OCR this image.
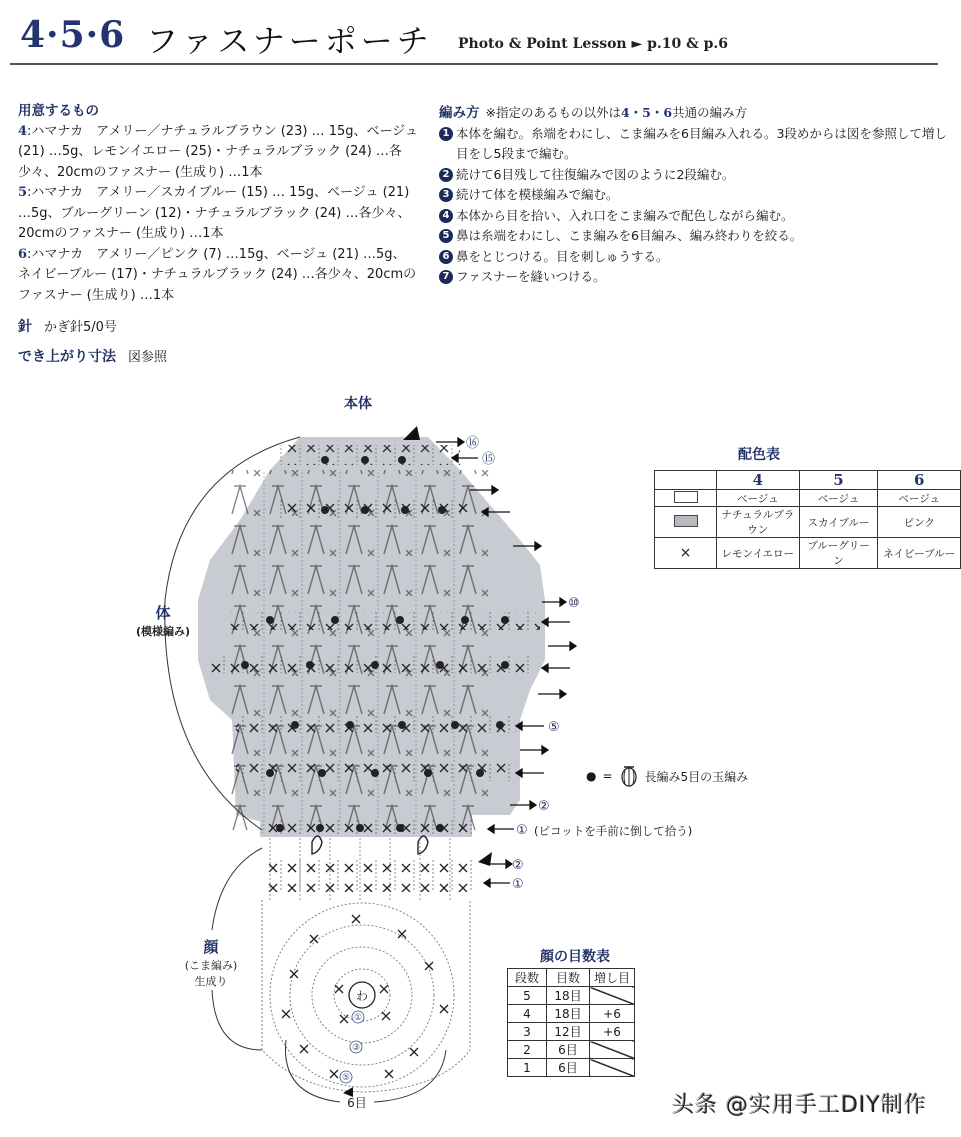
4·5·6 ファスナーポーチ Photo & Point Lesson ► p.10 & p.6
用意するもの

4:ハマナカ　アメリー／ナチュラルブラウン (23) … 15g、ベージュ (21) …5g、レモンイエロー (25)・ナチュラルブラック (24) …各少々、20cmのファスナー (生成り) …1本

5:ハマナカ　アメリー／スカイブルー (15) … 15g、ベージュ (21) …5g、ブルーグリーン (12)・ナチュラルブラック (24) …各少々、20cmのファスナー (生成り) …1本

6:ハマナカ　アメリー／ピンク (7) …15g、ベージュ (21) …5g、ネイビーブルー (17)・ナチュラルブラック (24) …各少々、20cmのファスナー (生成り) …1本

針 かぎ針5/0号
でき上がり寸法 図参照
編み方 ※指定のあるもの以外は4・5・6共通の編み方
1 本体を編む。糸端をわにし、こま編みを6目編み入れる。3段めからは図を参照して増し目をし5段まで編む。
2 続けて6目残して往復編みで図のように2段編む。
3 続けて体を模様編みで編む。
4 本体から目を拾い、入れ口をこま編みで配色しながら編む。
5 鼻は糸端をわにし、こま編みを6目編み、編み終わりを絞る。
6 鼻をとじつける。目を刺しゅうする。
7 ファスナーを縫いつける。
本体
わ
①
③
⑤
6目
⑯
⑮
⑩
⑤
②
①
②
①
(ピコットを手前に倒して拾う)
体
(模様編み)
顔
(こま編み)
生成り
● =	長編み5目の玉編み
配色表
	4	5	6
	ベージュ	ベージュ	ベージュ
	ナチュラルブラウン	スカイブルー	ピンク
×	レモンイエロー	ブルーグリーン	ネイビーブルー
顔の目数表
段数	目数	増し目
5	18目	
4	18目	+6
3	12目	+6
2	6目	
1	6目	
头条 @实用手工DIY制作
